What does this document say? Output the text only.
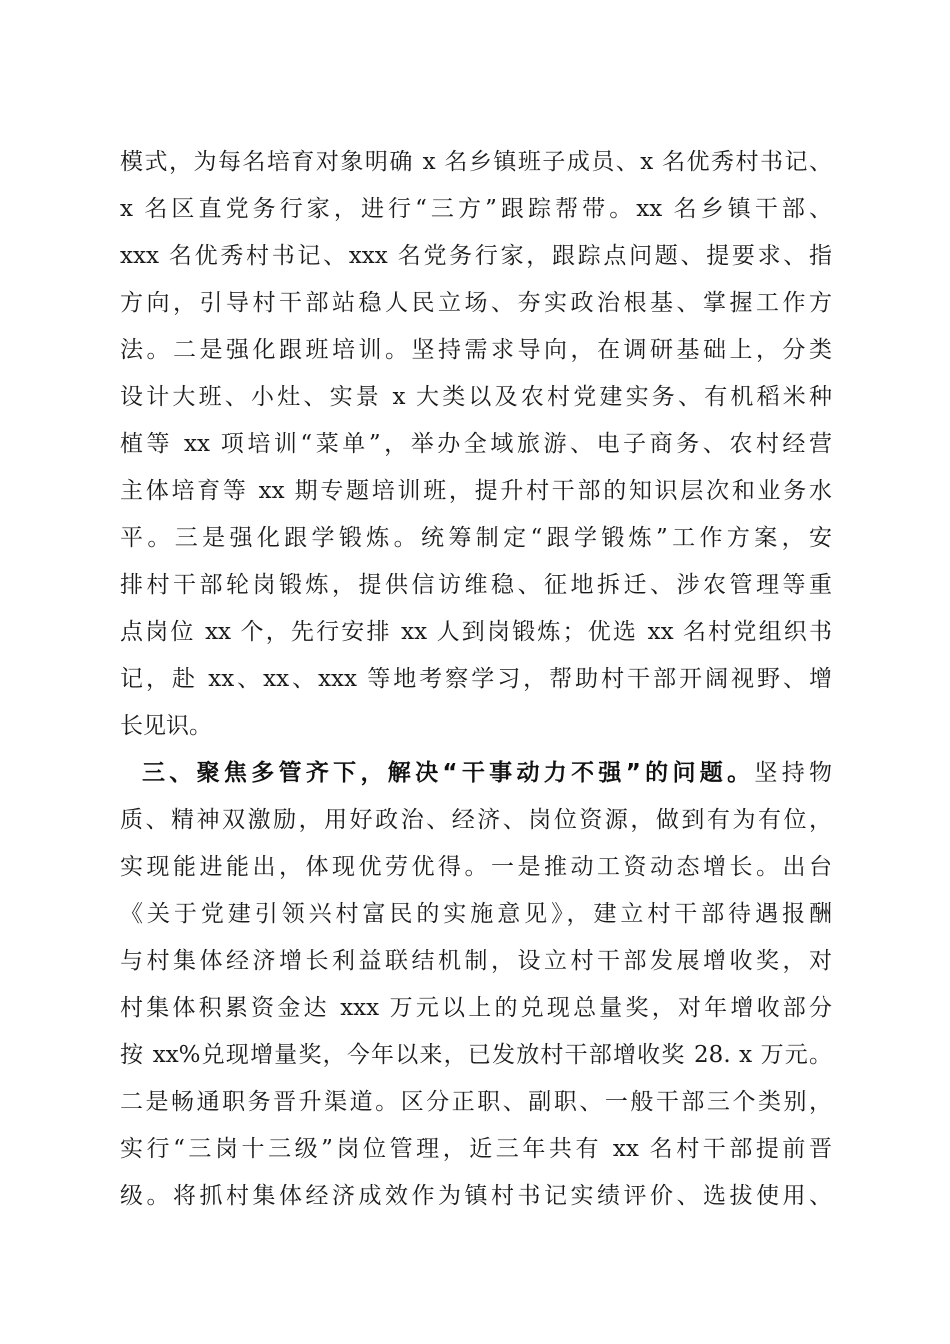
模式，为每名培育对象明确 x 名乡镇班子成员、x 名优秀村书记、
x 名区直党务行家，进行“三方”跟踪帮带。xx 名乡镇干部、
xxx 名优秀村书记、xxx 名党务行家，跟踪点问题、提要求、指
方向，引导村干部站稳人民立场、夯实政治根基、掌握工作方
法。二是强化跟班培训。坚持需求导向，在调研基础上，分类
设计大班、小灶、实景 x 大类以及农村党建实务、有机稻米种
植等 xx 项培训“菜单”，举办全域旅游、电子商务、农村经营
主体培育等 xx 期专题培训班，提升村干部的知识层次和业务水
平。三是强化跟学锻炼。统筹制定“跟学锻炼”工作方案，安
排村干部轮岗锻炼，提供信访维稳、征地拆迁、涉农管理等重
点岗位 xx 个，先行安排 xx 人到岗锻炼；优选 xx 名村党组织书
记，赴 xx、xx、xxx 等地考察学习，帮助村干部开阔视野、增
长见识。
三、聚焦多管齐下，解决“干事动力不强”的问题。坚持物
质、精神双激励，用好政治、经济、岗位资源，做到有为有位，
实现能进能出，体现优劳优得。一是推动工资动态增长。出台
《关于党建引领兴村富民的实施意见》，建立村干部待遇报酬
与村集体经济增长利益联结机制，设立村干部发展增收奖，对
村集体积累资金达 xxx 万元以上的兑现总量奖，对年增收部分
按 xx%兑现增量奖，今年以来，已发放村干部增收奖 28. x 万元。
二是畅通职务晋升渠道。区分正职、副职、一般干部三个类别，
实行“三岗十三级”岗位管理，近三年共有 xx 名村干部提前晋
级。将抓村集体经济成效作为镇村书记实绩评价、选拔使用、
